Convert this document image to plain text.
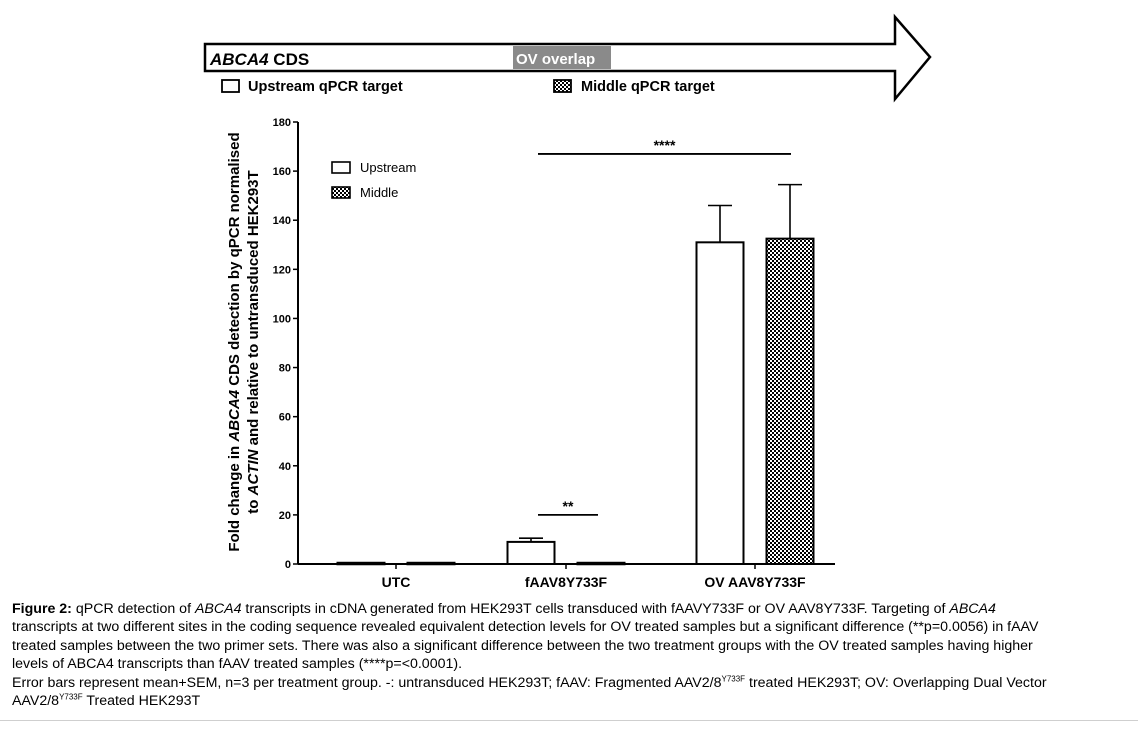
ABCA4 CDS	OV overlap
Upstream qPCR target	Middle qPCR target
Fold change in ABCA4 CDS detection by qPCR normalised
to ACTIN and relative to untransduced HEK293T
0
20
40
60
80
100
120
140
160
180
UTC	fAAV8Y733F	OV AAV8Y733F
**
****
Upstream
Middle
Figure 2: qPCR detection of ABCA4 transcripts in cDNA generated from HEK293T cells transduced with fAAVY733F or OV AAV8Y733F. Targeting of ABCA4
transcripts at two different sites in the coding sequence revealed equivalent detection levels for OV treated samples but a significant difference (**p=0.0056) in fAAV
treated samples between the two primer sets. There was also a significant difference between the two treatment groups with the OV treated samples having higher
levels of ABCA4 transcripts than fAAV treated samples (****p=<0.0001).
Error bars represent mean+SEM, n=3 per treatment group. -: untransduced HEK293T; fAAV: Fragmented $AAV2/8^{Y733F}$ treated HEK293T; OV: Overlapping Dual Vector
$AAV2/8^{Y733F}$ Treated HEK293T
